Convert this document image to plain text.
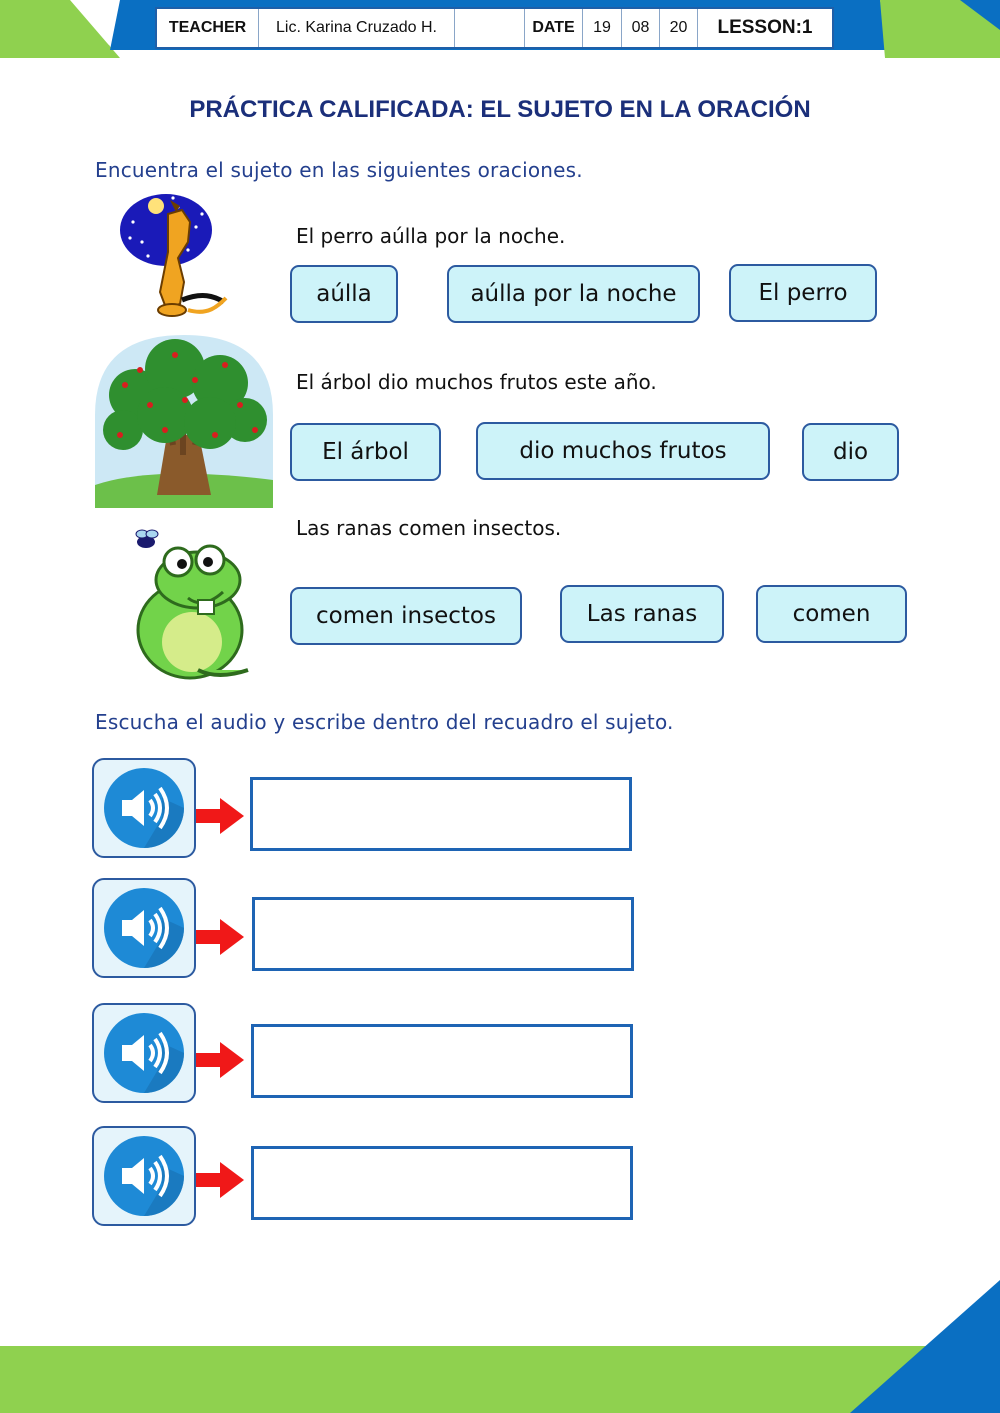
TEACHER	Lic. Karina Cruzado H.	DATE	19	08	20	LESSON:1
PRÁCTICA CALIFICADA: EL SUJETO EN LA ORACIÓN
Encuentra el sujeto en las siguientes oraciones.
El perro aúlla por la noche.
aúlla	aúlla por la noche	El perro
El árbol dio muchos frutos este año.
El árbol	dio muchos frutos	dio
Las ranas comen insectos.
comen insectos	Las ranas	comen
Escucha el audio y escribe dentro del recuadro el sujeto.
